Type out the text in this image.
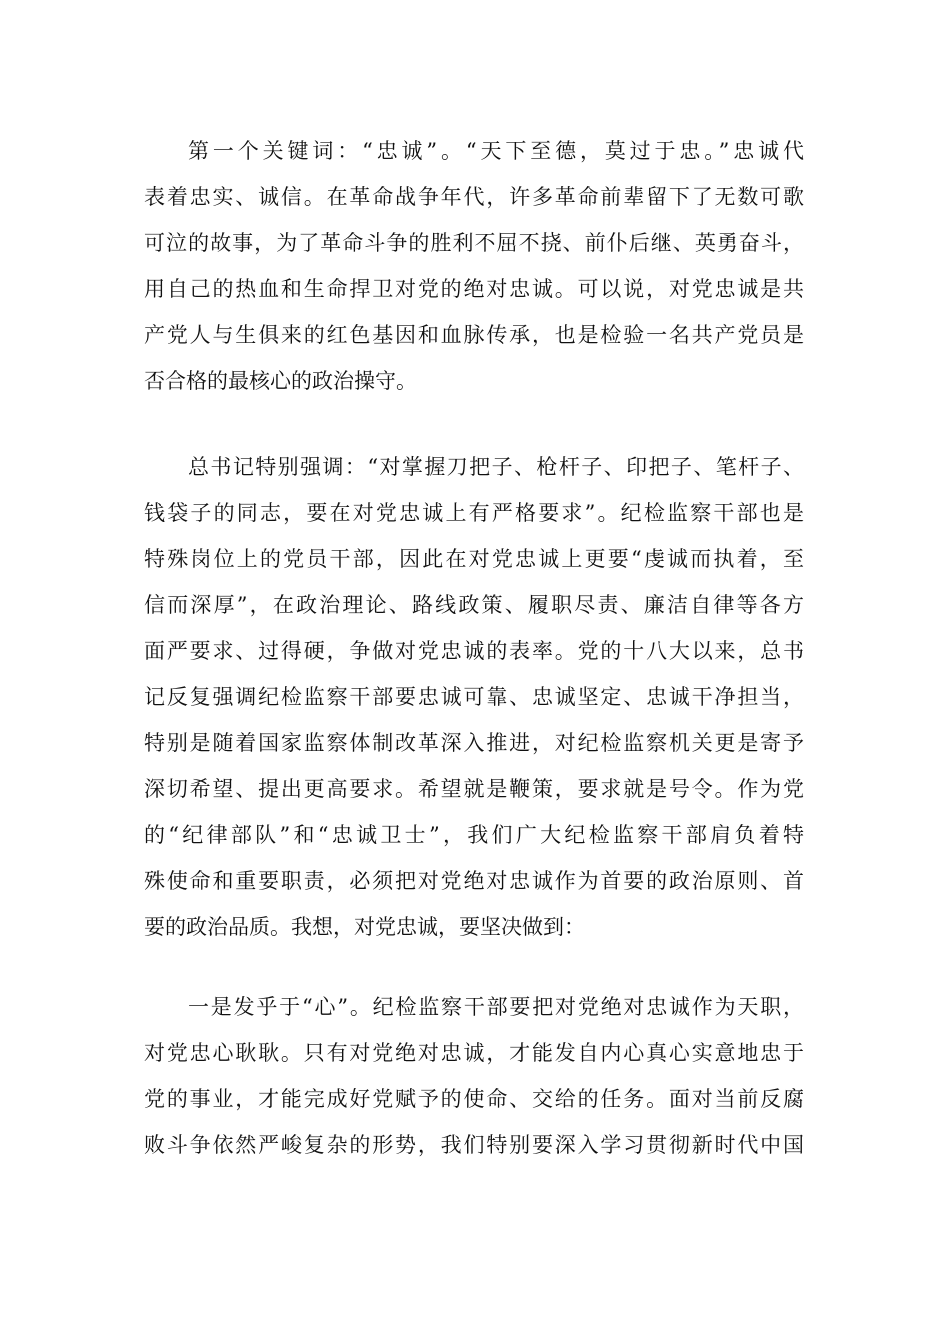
第一个关键词：“忠诚”。“天下至德，莫过于忠。”忠诚代
表着忠实、诚信。在革命战争年代，许多革命前辈留下了无数可歌
可泣的故事，为了革命斗争的胜利不屈不挠、前仆后继、英勇奋斗，
用自己的热血和生命捍卫对党的绝对忠诚。可以说，对党忠诚是共
产党人与生俱来的红色基因和血脉传承，也是检验一名共产党员是
否合格的最核心的政治操守。

总书记特别强调：“对掌握刀把子、枪杆子、印把子、笔杆子、
钱袋子的同志，要在对党忠诚上有严格要求”。纪检监察干部也是
特殊岗位上的党员干部，因此在对党忠诚上更要“虔诚而执着，至
信而深厚”，在政治理论、路线政策、履职尽责、廉洁自律等各方
面严要求、过得硬，争做对党忠诚的表率。党的十八大以来，总书
记反复强调纪检监察干部要忠诚可靠、忠诚坚定、忠诚干净担当，
特别是随着国家监察体制改革深入推进，对纪检监察机关更是寄予
深切希望、提出更高要求。希望就是鞭策，要求就是号令。作为党
的“纪律部队”和“忠诚卫士”，我们广大纪检监察干部肩负着特
殊使命和重要职责，必须把对党绝对忠诚作为首要的政治原则、首
要的政治品质。我想，对党忠诚，要坚决做到：

一是发乎于“心”。纪检监察干部要把对党绝对忠诚作为天职，
对党忠心耿耿。只有对党绝对忠诚，才能发自内心真心实意地忠于
党的事业，才能完成好党赋予的使命、交给的任务。面对当前反腐
败斗争依然严峻复杂的形势，我们特别要深入学习贯彻新时代中国
